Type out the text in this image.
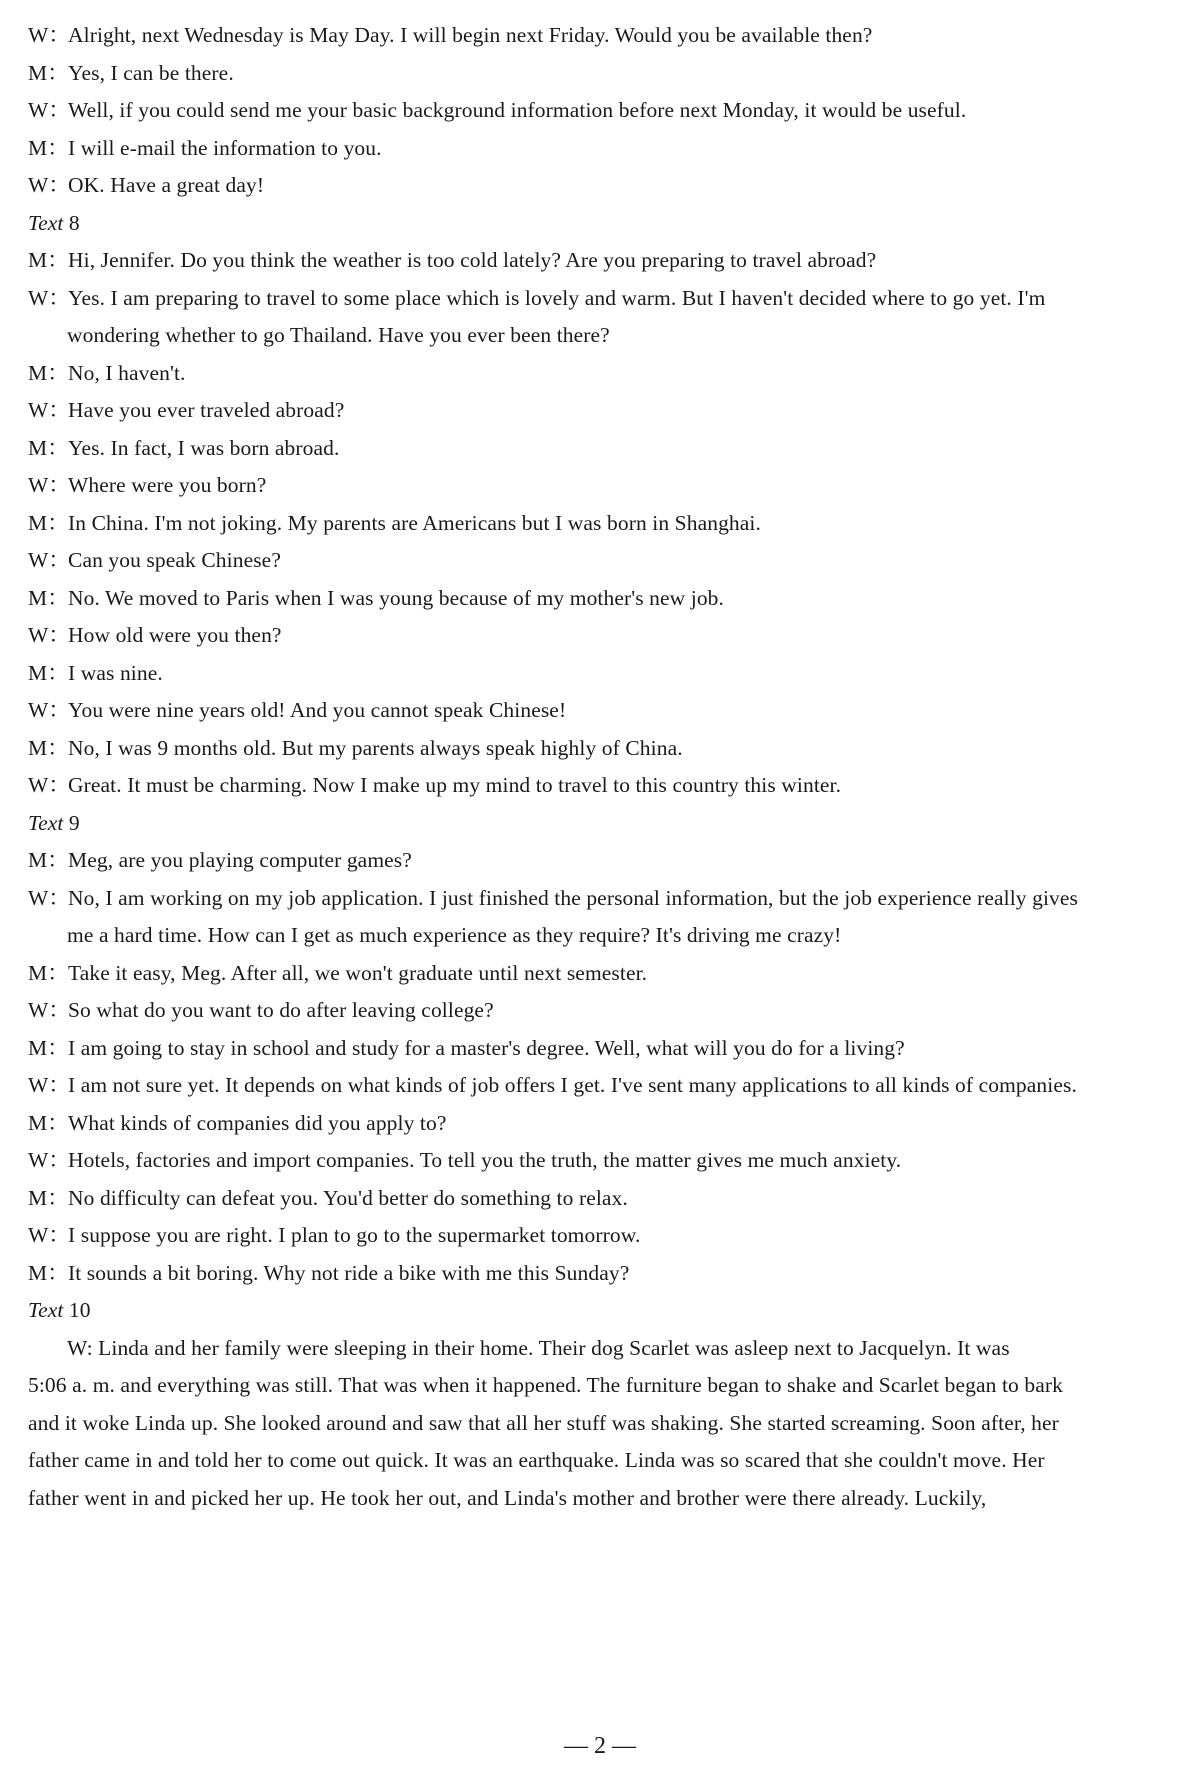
W：Alright, next Wednesday is May Day. I will begin next Friday. Would you be available then?
M：Yes, I can be there.
W：Well, if you could send me your basic background information before next Monday, it would be useful.
M：I will e-mail the information to you.
W：OK. Have a great day!
Text 8
M：Hi, Jennifer. Do you think the weather is too cold lately? Are you preparing to travel abroad?
W：Yes. I am preparing to travel to some place which is lovely and warm. But I haven't decided where to go yet. I'm
wondering whether to go Thailand. Have you ever been there?
M：No, I haven't.
W：Have you ever traveled abroad?
M：Yes. In fact, I was born abroad.
W：Where were you born?
M：In China. I'm not joking. My parents are Americans but I was born in Shanghai.
W：Can you speak Chinese?
M：No. We moved to Paris when I was young because of my mother's new job.
W：How old were you then?
M：I was nine.
W：You were nine years old! And you cannot speak Chinese!
M：No, I was 9 months old. But my parents always speak highly of China.
W：Great. It must be charming. Now I make up my mind to travel to this country this winter.
Text 9
M：Meg, are you playing computer games?
W：No, I am working on my job application. I just finished the personal information, but the job experience really gives
me a hard time. How can I get as much experience as they require? It's driving me crazy!
M：Take it easy, Meg. After all, we won't graduate until next semester.
W：So what do you want to do after leaving college?
M：I am going to stay in school and study for a master's degree. Well, what will you do for a living?
W：I am not sure yet. It depends on what kinds of job offers I get. I've sent many applications to all kinds of companies.
M：What kinds of companies did you apply to?
W：Hotels, factories and import companies. To tell you the truth, the matter gives me much anxiety.
M：No difficulty can defeat you. You'd better do something to relax.
W：I suppose you are right. I plan to go to the supermarket tomorrow.
M：It sounds a bit boring. Why not ride a bike with me this Sunday?
Text 10
W: Linda and her family were sleeping in their home. Their dog Scarlet was asleep next to Jacquelyn. It was
5:06 a. m. and everything was still. That was when it happened. The furniture began to shake and Scarlet began to bark
and it woke Linda up. She looked around and saw that all her stuff was shaking. She started screaming. Soon after, her
father came in and told her to come out quick. It was an earthquake. Linda was so scared that she couldn't move. Her
father went in and picked her up. He took her out, and Linda's mother and brother were there already. Luckily,
— 2 —
